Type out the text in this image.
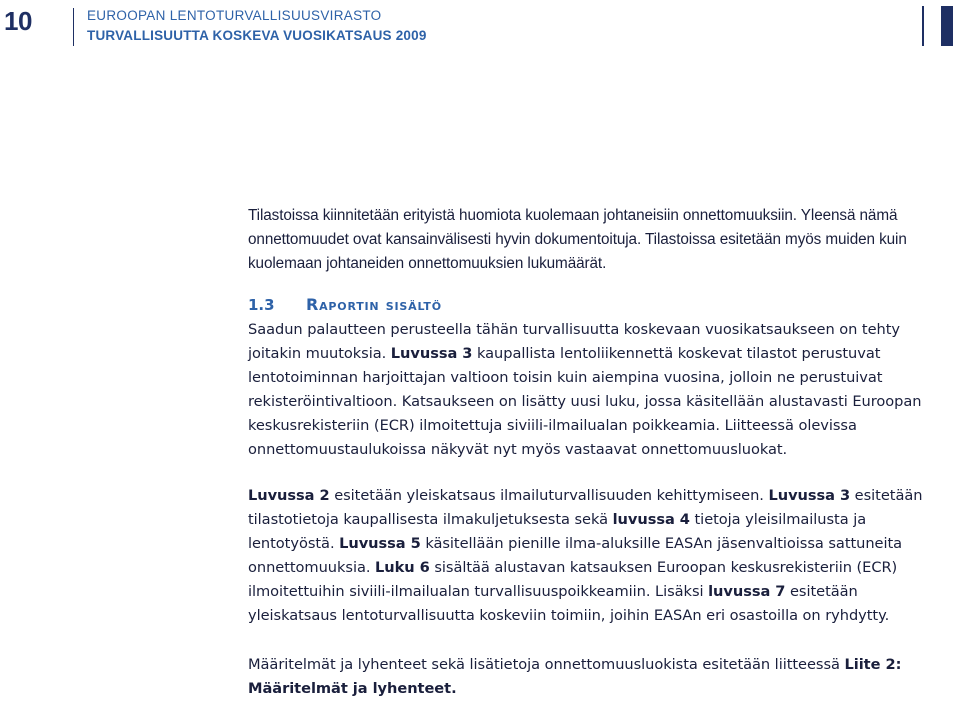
10	EUROOPAN LENTOTURVALLISUUSVIRASTO
TURVALLISUUTTA KOSKEVA VUOSIKATSAUS 2009

Tilastoissa kiinnitetään erityistä huomiota kuolemaan johtaneisiin onnettomuuksiin. Yleensä nämä onnettomuudet ovat kansainvälisesti hyvin dokumentoituja. Tilastoissa esitetään myös muiden kuin kuolemaan johtaneiden onnettomuuksien lukumäärät.

1.3 Raportin sisältö

Saadun palautteen perusteella tähän turvallisuutta koskevaan vuosikatsaukseen on tehty joitakin muutoksia. Luvussa 3 kaupallista lentoliikennettä koskevat tilastot perustuvat lentotoiminnan harjoittajan valtioon toisin kuin aiempina vuosina, jolloin ne perustuivat rekisteröintivaltioon. Katsaukseen on lisätty uusi luku, jossa käsitellään alustavasti Euroopan keskusrekisteriin (ECR) ilmoitettuja siviili-ilmailualan poikkeamia. Liitteessä olevissa onnettomuustaulukoissa näkyvät nyt myös vastaavat onnettomuusluokat.

Luvussa 2 esitetään yleiskatsaus ilmailuturvallisuuden kehittymiseen. Luvussa 3 esitetään tilastotietoja kaupallisesta ilmakuljetuksesta sekä luvussa 4 tietoja yleisilmailusta ja lentotyöstä. Luvussa 5 käsitellään pienille ilma-aluksille EASAn jäsenvaltioissa sattuneita onnettomuuksia. Luku 6 sisältää alustavan katsauksen Euroopan keskusrekisteriin (ECR) ilmoitettuihin siviili-ilmailualan turvallisuuspoikkeamiin. Lisäksi luvussa 7 esitetään yleiskatsaus lentoturvallisuutta koskeviin toimiin, joihin EASAn eri osastoilla on ryhdytty.

Määritelmät ja lyhenteet sekä lisätietoja onnettomuusluokista esitetään liitteessä Liite 2: Määritelmät ja lyhenteet.
